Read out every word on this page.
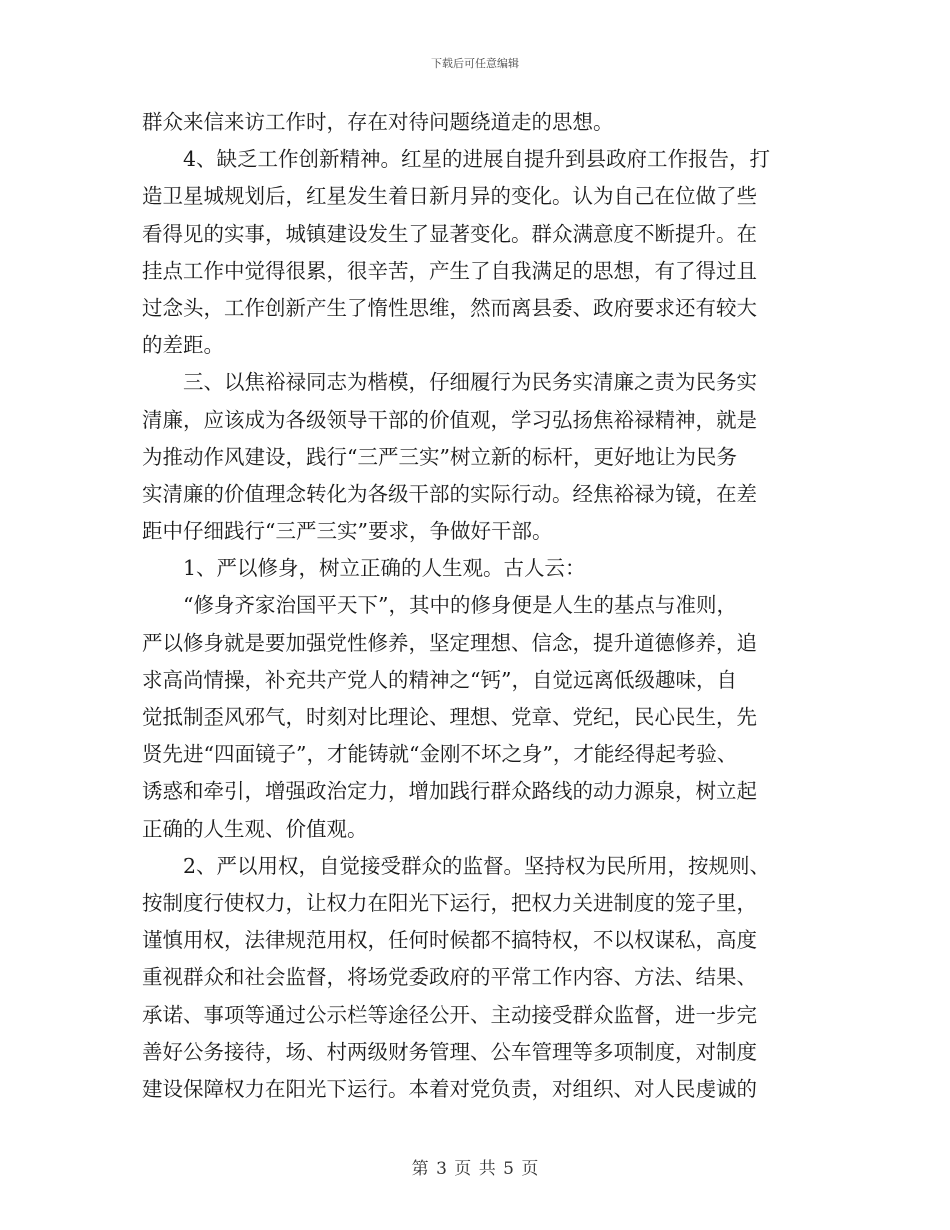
下载后可任意编辑
群众来信来访工作时，存在对待问题绕道走的思想。
4、缺乏工作创新精神。红星的进展自提升到县政府工作报告，打
造卫星城规划后，红星发生着日新月异的变化。认为自己在位做了些
看得见的实事，城镇建设发生了显著变化。群众满意度不断提升。在
挂点工作中觉得很累，很辛苦，产生了自我满足的思想，有了得过且
过念头，工作创新产生了惰性思维，然而离县委、政府要求还有较大
的差距。
三、以焦裕禄同志为楷模，仔细履行为民务实清廉之责为民务实
清廉，应该成为各级领导干部的价值观，学习弘扬焦裕禄精神，就是
为推动作风建设，践行“三严三实”树立新的标杆，更好地让为民务
实清廉的价值理念转化为各级干部的实际行动。经焦裕禄为镜，在差
距中仔细践行“三严三实”要求，争做好干部。
1、严以修身，树立正确的人生观。古人云：
“修身齐家治国平天下”，其中的修身便是人生的基点与准则，
严以修身就是要加强党性修养，坚定理想、信念，提升道德修养，追
求高尚情操，补充共产党人的精神之“钙”，自觉远离低级趣味，自
觉抵制歪风邪气，时刻对比理论、理想、党章、党纪，民心民生，先
贤先进“四面镜子”，才能铸就“金刚不坏之身”，才能经得起考验、
诱惑和牵引，增强政治定力，增加践行群众路线的动力源泉，树立起
正确的人生观、价值观。
2、严以用权，自觉接受群众的监督。坚持权为民所用，按规则、
按制度行使权力，让权力在阳光下运行，把权力关进制度的笼子里，
谨慎用权，法律规范用权，任何时候都不搞特权，不以权谋私，高度
重视群众和社会监督，将场党委政府的平常工作内容、方法、结果、
承诺、事项等通过公示栏等途径公开、主动接受群众监督，进一步完
善好公务接待，场、村两级财务管理、公车管理等多项制度，对制度
建设保障权力在阳光下运行。本着对党负责，对组织、对人民虔诚的
第 3 页 共 5 页
